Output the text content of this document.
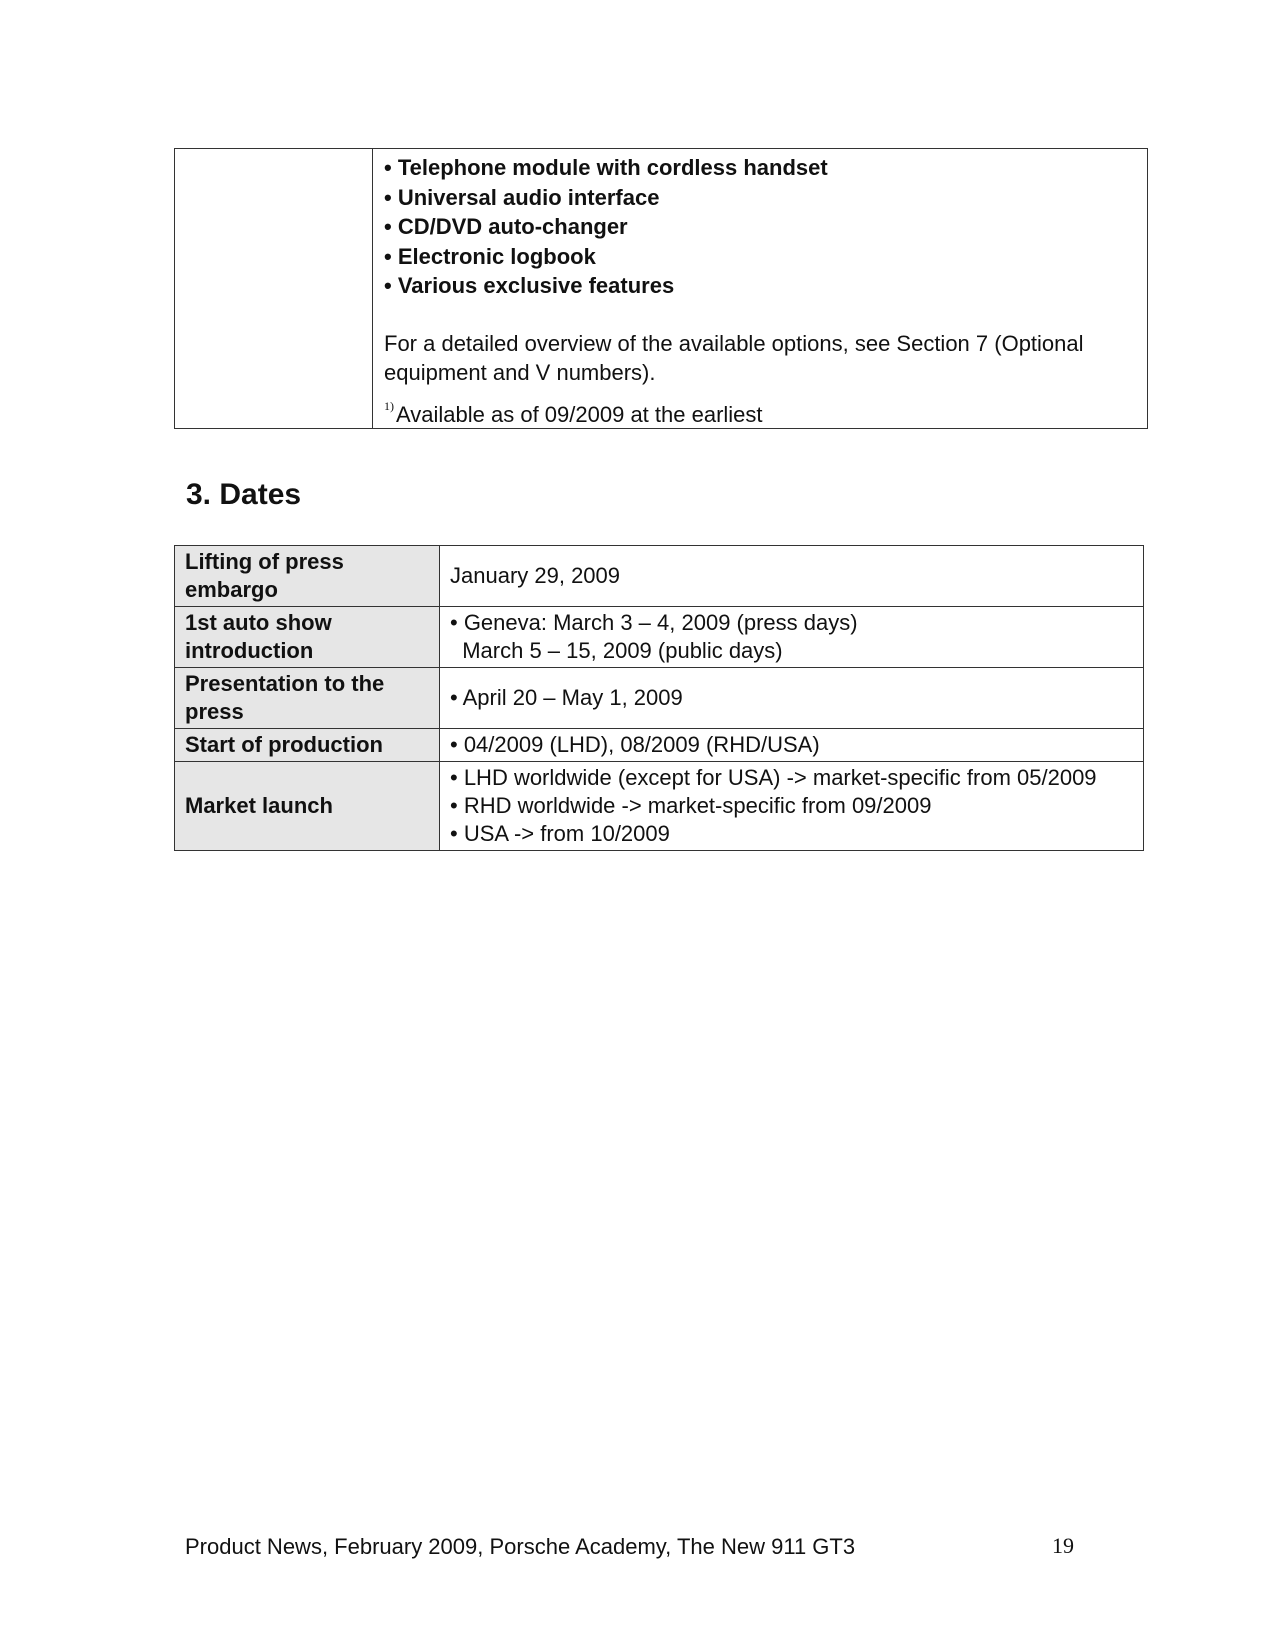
• Telephone module with cordless handset
• Universal audio interface
• CD/DVD auto-changer
• Electronic logbook
• Various exclusive features
For a detailed overview of the available options, see Section 7 (Optional equipment and V numbers).
$^{1)}$Available as of 09/2009 at the earliest
3. Dates
Lifting of press embargo	January 29, 2009

1st auto show introduction	• Geneva: March 3 – 4, 2009 (press days)
March 5 – 15, 2009 (public days)

Presentation to the press	• April 20 – May 1, 2009

Start of production	• 04/2009 (LHD), 08/2009 (RHD/USA)

Market launch	• LHD worldwide (except for USA) -> market-specific from 05/2009
• RHD worldwide -> market-specific from 09/2009
• USA -> from 10/2009
Product News, February 2009, Porsche Academy, The New 911 GT3	19
